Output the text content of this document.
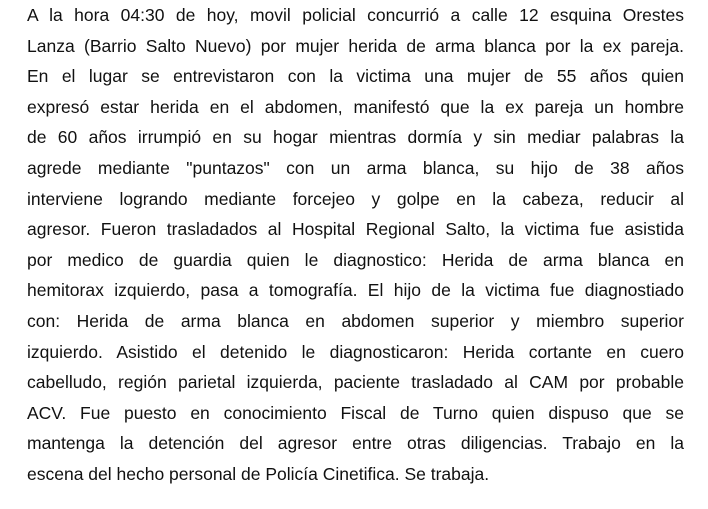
A la hora 04:30 de hoy, movil policial concurrió a calle 12 esquina Orestes
Lanza (Barrio Salto Nuevo) por mujer herida de arma blanca por la ex pareja.
En el lugar se entrevistaron con la victima una mujer de 55 años quien
expresó estar herida en el abdomen, manifestó que la ex pareja un hombre
de 60 años irrumpió en su hogar mientras dormía y sin mediar palabras la
agrede mediante "puntazos" con un arma blanca, su hijo de 38 años
interviene logrando mediante forcejeo y golpe en la cabeza, reducir al
agresor. Fueron trasladados al Hospital Regional Salto, la victima fue asistida
por medico de guardia quien le diagnostico: Herida de arma blanca en
hemitorax izquierdo, pasa a tomografía. El hijo de la victima fue diagnostiado
con: Herida de arma blanca en abdomen superior y miembro superior
izquierdo. Asistido el detenido le diagnosticaron: Herida cortante en cuero
cabelludo, región parietal izquierda, paciente trasladado al CAM por probable
ACV. Fue puesto en conocimiento Fiscal de Turno quien dispuso que se
mantenga la detención del agresor entre otras diligencias. Trabajo en la
escena del hecho personal de Policía Cinetifica. Se trabaja.
